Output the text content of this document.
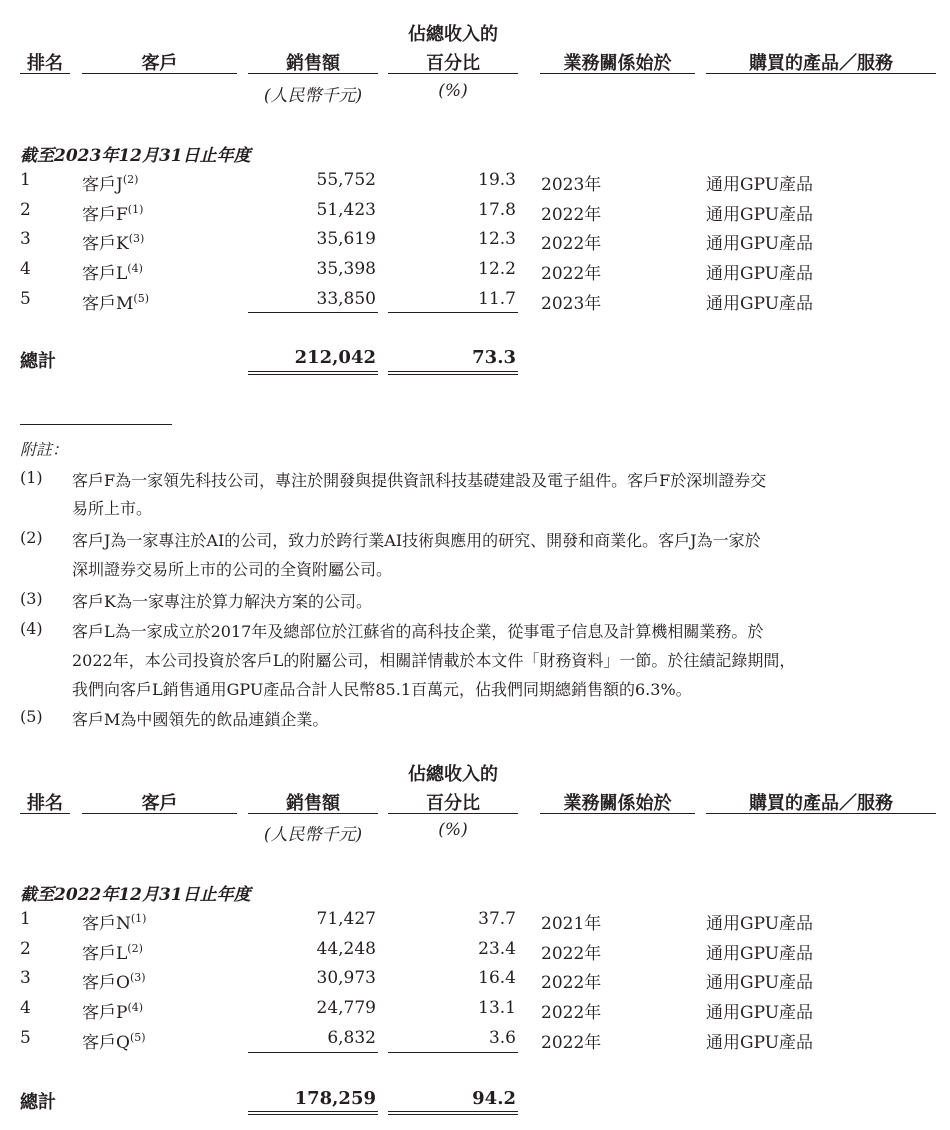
佔總收入的
排名	客戶	銷售額	百分比	業務關係始於	購買的產品／服務
(人民幣千元)	(%)
截至2023年12月31日止年度
1	客戶$J^{(2)}$	55,752	19.3 2023年	通用GPU產品
2	客戶$F^{(1)}$	51,423	17.8 2022年	通用GPU產品
3	客戶$K^{(3)}$	35,619	12.3 2022年	通用GPU產品
4	客戶$L^{(4)}$	35,398	12.2 2022年	通用GPU產品
5	客戶$M^{(5)}$	33,850	11.7 2023年	通用GPU產品
總計	212,042	73.3
附註：
(1) 客戶F為一家領先科技公司，專注於開發與提供資訊科技基礎建設及電子組件。客戶F於深圳證券交
易所上市。
(2) 客戶J為一家專注於AI的公司，致力於跨行業AI技術與應用的研究、開發和商業化。客戶J為一家於
深圳證券交易所上市的公司的全資附屬公司。
(3) 客戶K為一家專注於算力解決方案的公司。
(4) 客戶L為一家成立於2017年及總部位於江蘇省的高科技企業，從事電子信息及計算機相關業務。於
2022年，本公司投資於客戶L的附屬公司，相關詳情載於本文件「財務資料」一節。於往績記錄期間，
我們向客戶L銷售通用GPU產品合計人民幣85.1百萬元，佔我們同期總銷售額的6.3%。
(5) 客戶M為中國領先的飲品連鎖企業。
佔總收入的
排名	客戶	銷售額	百分比	業務關係始於	購買的產品／服務
(人民幣千元)	(%)
截至2022年12月31日止年度
1	客戶$N^{(1)}$	71,427	37.7 2021年	通用GPU產品
2	客戶$L^{(2)}$	44,248	23.4 2022年	通用GPU產品
3	客戶$O^{(3)}$	30,973	16.4 2022年	通用GPU產品
4	客戶$P^{(4)}$	24,779	13.1 2022年	通用GPU產品
5	客戶$Q^{(5)}$	6,832	3.6 2022年	通用GPU產品
總計	178,259	94.2
